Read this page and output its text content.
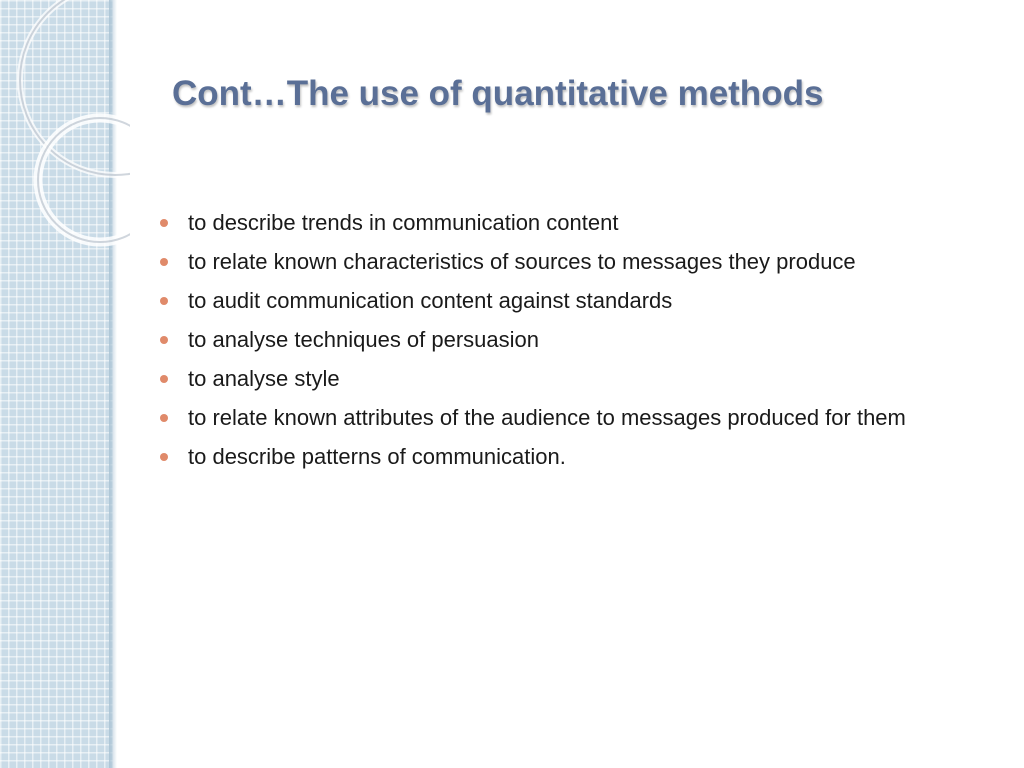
Cont…The use of quantitative methods
to describe trends in communication content
to relate known characteristics of sources to messages they produce
to audit communication content against standards
to analyse techniques of persuasion
to analyse style
to relate known attributes of the audience to messages produced for them
to describe patterns of communication.
